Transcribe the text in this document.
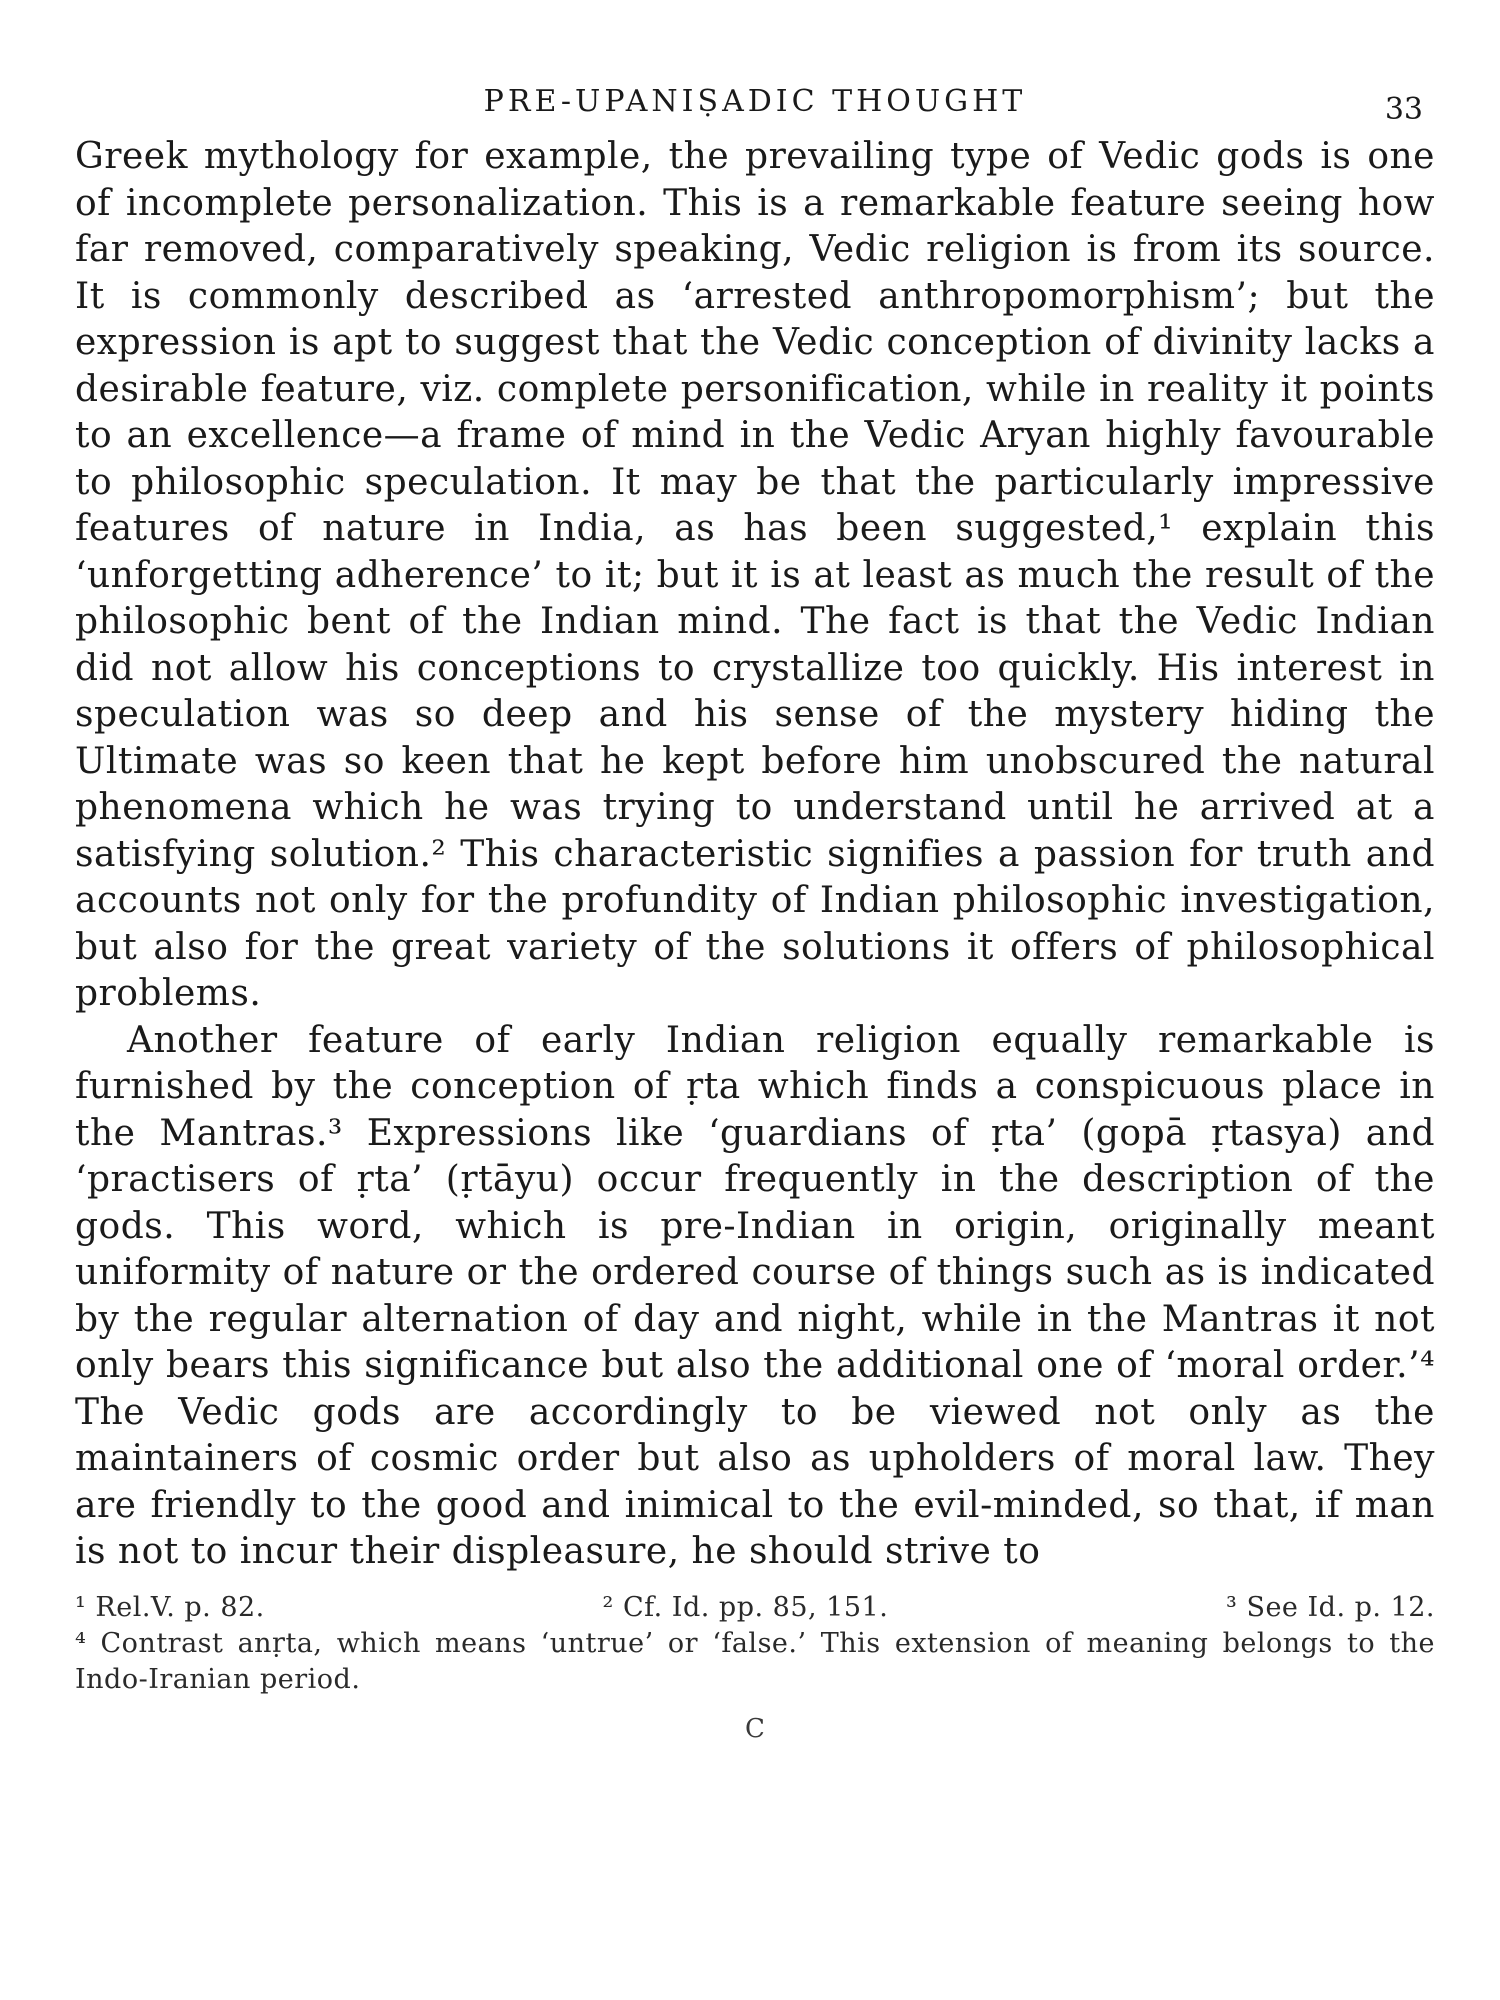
PRE-UPANIṢADIC THOUGHT	33

Greek mythology for example, the prevailing type of Vedic gods is one of incomplete personalization. This is a remarkable feature seeing how far removed, comparatively speaking, Vedic religion is from its source. It is commonly described as ‘arrested anthropomorphism’; but the expression is apt to suggest that the Vedic conception of divinity lacks a desirable feature, viz. complete personification, while in reality it points to an excellence—a frame of mind in the Vedic Aryan highly favourable to philosophic speculation. It may be that the particularly impressive features of nature in India, as has been suggested,¹ explain this ‘unforgetting adherence’ to it; but it is at least as much the result of the philosophic bent of the Indian mind. The fact is that the Vedic Indian did not allow his conceptions to crystallize too quickly. His interest in speculation was so deep and his sense of the mystery hiding the Ultimate was so keen that he kept before him unobscured the natural phenomena which he was trying to understand until he arrived at a satisfying solution.² This characteristic signifies a passion for truth and accounts not only for the profundity of Indian philosophic investigation, but also for the great variety of the solutions it offers of philosophical problems.

Another feature of early Indian religion equally remarkable is furnished by the conception of ṛta which finds a conspicuous place in the Mantras.³ Expressions like ‘guardians of ṛta’ (gopā ṛtasya) and ‘practisers of ṛta’ (ṛtāyu) occur frequently in the description of the gods. This word, which is pre-Indian in origin, originally meant uniformity of nature or the ordered course of things such as is indicated by the regular alternation of day and night, while in the Mantras it not only bears this significance but also the additional one of ‘moral order.’⁴ The Vedic gods are accordingly to be viewed not only as the maintainers of cosmic order but also as upholders of moral law. They are friendly to the good and inimical to the evil-minded, so that, if man is not to incur their displeasure, he should strive to

¹ Rel.V. p. 82.	² Cf. Id. pp. 85, 151.	³ See Id. p. 12.
⁴ Contrast anṛta, which means ‘untrue’ or ‘false.’ This extension of meaning belongs to the Indo-Iranian period.
C
